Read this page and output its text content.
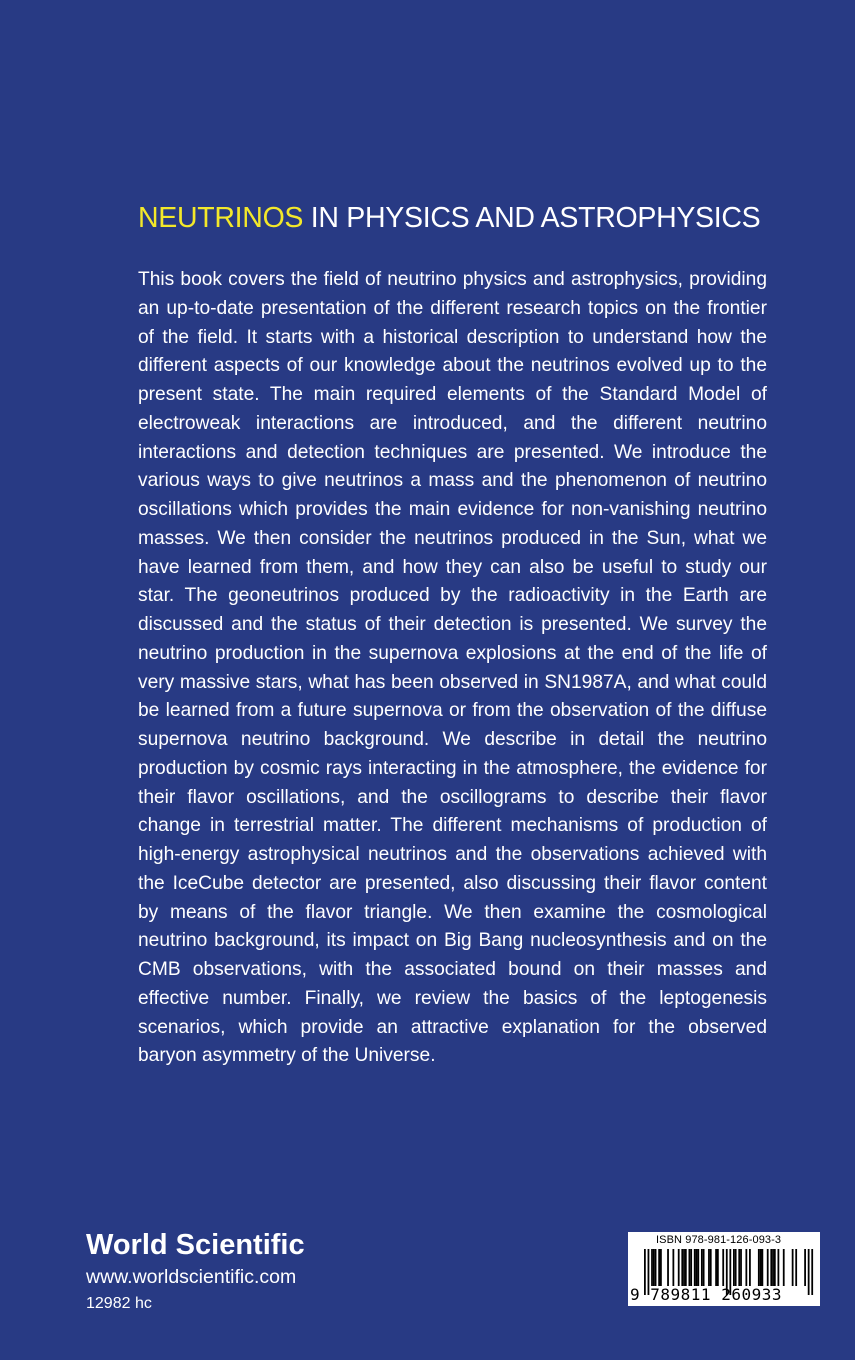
NEUTRINOS IN PHYSICS AND ASTROPHYSICS

This book covers the field of neutrino physics and astrophysics, providing an up-to-date presentation of the different research topics on the frontier of the field. It starts with a historical description to understand how the different aspects of our knowledge about the neutrinos evolved up to the present state. The main required elements of the Standard Model of electroweak interactions are introduced, and the different neutrino interactions and detection techniques are presented. We introduce the various ways to give neutrinos a mass and the phenomenon of neutrino oscillations which provides the main evidence for non-vanishing neutrino masses. We then consider the neutrinos produced in the Sun, what we have learned from them, and how they can also be useful to study our star. The geoneutrinos produced by the radioactivity in the Earth are discussed and the status of their detection is presented. We survey the neutrino production in the supernova explosions at the end of the life of very massive stars, what has been observed in SN1987A, and what could be learned from a future supernova or from the observation of the diffuse supernova neutrino background. We describe in detail the neutrino production by cosmic rays interacting in the atmosphere, the evidence for their flavor oscillations, and the oscillograms to describe their flavor change in terrestrial matter. The different mechanisms of production of high-energy astrophysical neutrinos and the observations achieved with the IceCube detector are presented, also discussing their flavor content by means of the flavor triangle. We then examine the cosmological neutrino background, its impact on Big Bang nucleosynthesis and on the CMB observations, with the associated bound on their masses and effective number. Finally, we review the basics of the leptogenesis scenarios, which provide an attractive explanation for the observed baryon asymmetry of the Universe.

World Scientific
www.worldscientific.com
12982 hc
ISBN 978-981-126-093-3
9 789811 260933
